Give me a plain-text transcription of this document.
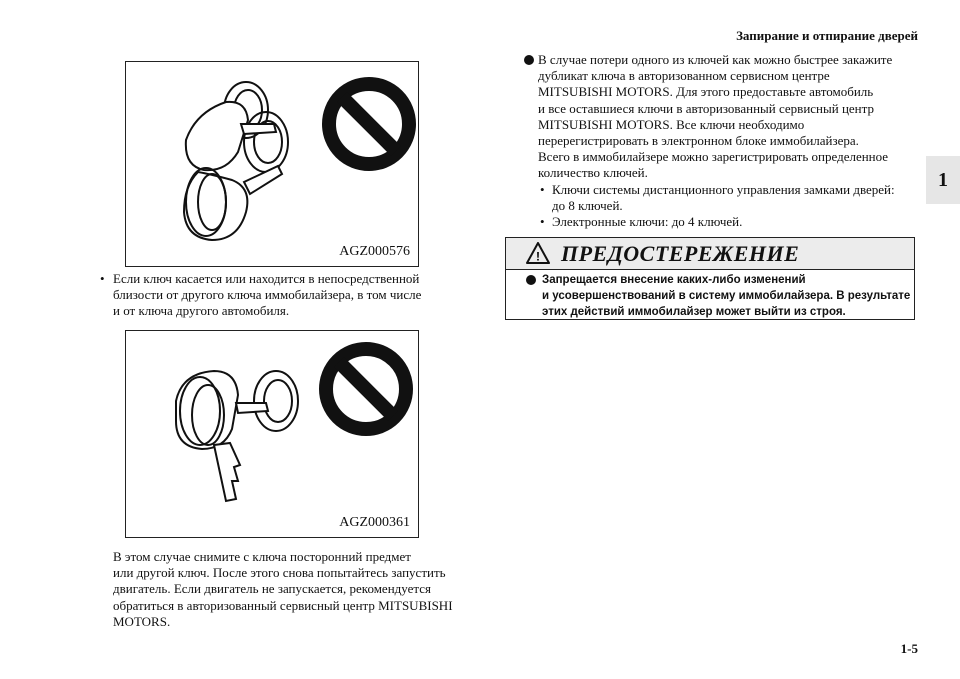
Запирание и отпирание дверей
1
AGZ000576
• Если ключ касается или находится в непосредственной
близости от другого ключа иммобилайзера, в том числе
и от ключа другого автомобиля.
AGZ000361
В этом случае снимите с ключа посторонний предмет
или другой ключ. После этого снова попытайтесь запустить
двигатель. Если двигатель не запускается, рекомендуется
обратиться в авторизованный сервисный центр MITSUBISHI
MOTORS.
В случае потери одного из ключей как можно быстрее закажите
дубликат ключа в авторизованном сервисном центре
MITSUBISHI MOTORS. Для этого предоставьте автомобиль
и все оставшиеся ключи в авторизованный сервисный центр
MITSUBISHI MOTORS. Все ключи необходимо
перерегистрировать в электронном блоке иммобилайзера.
Всего в иммобилайзере можно зарегистрировать определенное
количество ключей.
• Ключи системы дистанционного управления замками дверей:
до 8 ключей.
• Электронные ключи: до 4 ключей.
! ПРЕДОСТЕРЕЖЕНИЕ
Запрещается внесение каких-либо изменений
и усовершенствований в систему иммобилайзера. В результате
этих действий иммобилайзер может выйти из строя.
1-5
